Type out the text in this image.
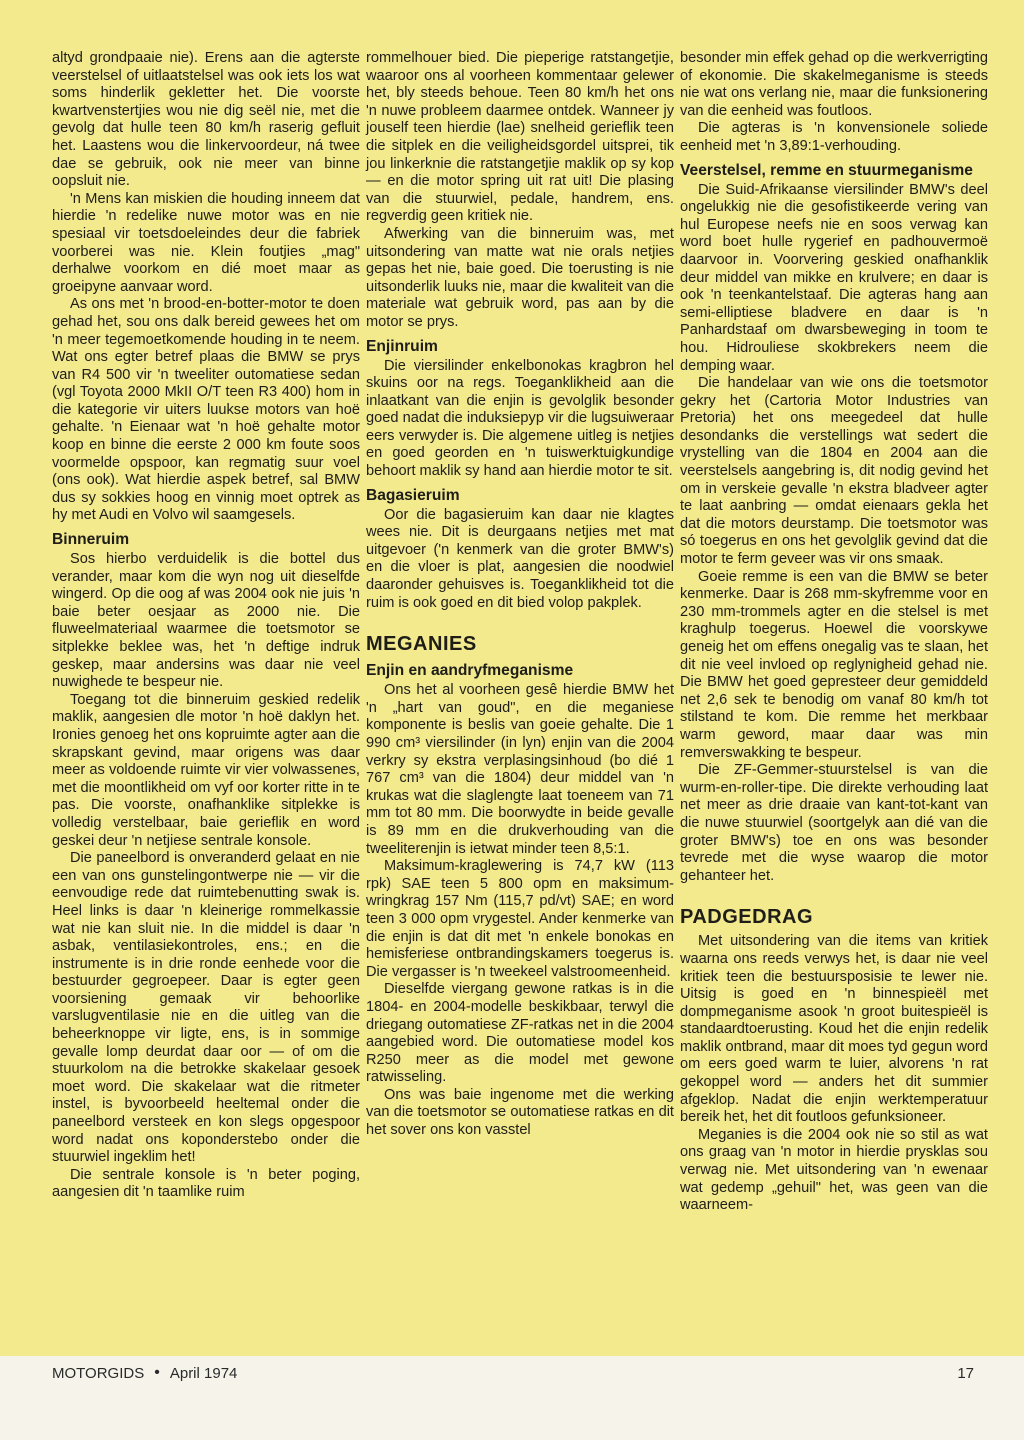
altyd grondpaaie nie). Erens aan die agterste veerstelsel of uitlaatstelsel was ook iets los wat soms hinderlik gekletter het. Die voorste kwartvenstertjies wou nie dig seël nie, met die gevolg dat hulle teen 80 km/h raserig gefluit het. Laastens wou die linkervoordeur, ná twee dae se gebruik, ook nie meer van binne oopsluit nie.

'n Mens kan miskien die houding inneem dat hierdie 'n redelike nuwe motor was en nie spesiaal vir toetsdoeleindes deur die fabriek voorberei was nie. Klein foutjies „mag" derhalwe voorkom en dié moet maar as groeipyne aanvaar word.

As ons met 'n brood-en-botter-motor te doen gehad het, sou ons dalk bereid gewees het om 'n meer tegemoetkomende houding in te neem. Wat ons egter betref plaas die BMW se prys van R4 500 vir 'n tweeliter outomatiese sedan (vgl Toyota 2000 MkII O/T teen R3 400) hom in die kategorie vir uiters luukse motors van hoë gehalte. 'n Eienaar wat 'n hoë gehalte motor koop en binne die eerste 2 000 km foute soos voormelde opspoor, kan regmatig suur voel (ons ook). Wat hierdie aspek betref, sal BMW dus sy sokkies hoog en vinnig moet optrek as hy met Audi en Volvo wil saamgesels.

Binneruim

Sos hierbo verduidelik is die bottel dus verander, maar kom die wyn nog uit dieselfde wingerd. Op die oog af was 2004 ook nie juis 'n baie beter oesjaar as 2000 nie. Die fluweelmateriaal waarmee die toetsmotor se sitplekke beklee was, het 'n deftige indruk geskep, maar andersins was daar nie veel nuwighede te bespeur nie.

Toegang tot die binneruim geskied redelik maklik, aangesien dle motor 'n hoë daklyn het. Ironies genoeg het ons kopruimte agter aan die skrapskant gevind, maar origens was daar meer as voldoende ruimte vir vier volwassenes, met die moontlikheid om vyf oor korter ritte in te pas. Die voorste, onafhanklike sitplekke is volledig verstelbaar, baie gerieflik en word geskei deur 'n netjiese sentrale konsole.

Die paneelbord is onveranderd gelaat en nie een van ons gunstelingontwerpe nie — vir die eenvoudige rede dat ruimtebenutting swak is. Heel links is daar 'n kleinerige rommelkassie wat nie kan sluit nie. In die middel is daar 'n asbak, ventilasiekontroles, ens.; en die instrumente is in drie ronde eenhede voor die bestuurder gegroepeer. Daar is egter geen voorsiening gemaak vir behoorlike varslugventilasie nie en die uitleg van die beheerknoppe vir ligte, ens, is in sommige gevalle lomp deurdat daar oor — of om die stuurkolom na die betrokke skakelaar gesoek moet word. Die skakelaar wat die ritmeter instel, is byvoorbeeld heeltemal onder die paneelbord versteek en kon slegs opgespoor word nadat ons koponderstebo onder die stuurwiel ingeklim het!

Die sentrale konsole is 'n beter poging, aangesien dit 'n taamlike ruim

rommelhouer bied. Die pieperige ratstangetjie, waaroor ons al voorheen kommentaar gelewer het, bly steeds behoue. Teen 80 km/h het ons 'n nuwe probleem daarmee ontdek. Wanneer jy jouself teen hierdie (lae) snelheid gerieflik teen die sitplek en die veiligheidsgordel uitsprei, tik jou linkerknie die ratstangetjie maklik op sy kop — en die motor spring uit rat uit! Die plasing van die stuurwiel, pedale, handrem, ens. regverdig geen kritiek nie.

Afwerking van die binneruim was, met uitsondering van matte wat nie orals netjies gepas het nie, baie goed. Die toerusting is nie uitsonderlik luuks nie, maar die kwaliteit van die materiale wat gebruik word, pas aan by die motor se prys.

Enjinruim

Die viersilinder enkelbonokas kragbron hel skuins oor na regs. Toeganklikheid aan die inlaatkant van die enjin is gevolglik besonder goed nadat die induksiepyp vir die lugsuiweraar eers verwyder is. Die algemene uitleg is netjies en goed georden en 'n tuiswerktuigkundige behoort maklik sy hand aan hierdie motor te sit.

Bagasieruim

Oor die bagasieruim kan daar nie klagtes wees nie. Dit is deurgaans netjies met mat uitgevoer ('n kenmerk van die groter BMW's) en die vloer is plat, aangesien die noodwiel daaronder gehuisves is. Toeganklikheid tot die ruim is ook goed en dit bied volop pakplek.

MEGANIES
Enjin en aandryfmeganisme

Ons het al voorheen gesê hierdie BMW het 'n „hart van goud", en die meganiese komponente is beslis van goeie gehalte. Die 1 990 cm³ viersilinder (in lyn) enjin van die 2004 verkry sy ekstra verplasingsinhoud (bo dié 1 767 cm³ van die 1804) deur middel van 'n krukas wat die slaglengte laat toeneem van 71 mm tot 80 mm. Die boorwydte in beide gevalle is 89 mm en die drukverhouding van die tweeliterenjin is ietwat minder teen 8,5:1.

Maksimum-kraglewering is 74,7 kW (113 rpk) SAE teen 5 800 opm en maksimum-wringkrag 157 Nm (115,7 pd/vt) SAE; en word teen 3 000 opm vrygestel. Ander kenmerke van die enjin is dat dit met 'n enkele bonokas en hemisferiese ontbrandingskamers toegerus is. Die vergasser is 'n tweekeel valstroomeenheid.

Dieselfde viergang gewone ratkas is in die 1804- en 2004-modelle beskikbaar, terwyl die driegang outomatiese ZF-ratkas net in die 2004 aangebied word. Die outomatiese model kos R250 meer as die model met gewone ratwisseling.

Ons was baie ingenome met die werking van die toetsmotor se outomatiese ratkas en dit het sover ons kon vasstel

besonder min effek gehad op die werkverrigting of ekonomie. Die skakelmeganisme is steeds nie wat ons verlang nie, maar die funksionering van die eenheid was foutloos.

Die agteras is 'n konvensionele soliede eenheid met 'n 3,89:1-verhouding.

Veerstelsel, remme en stuurmeganisme

Die Suid-Afrikaanse viersilinder BMW's deel ongelukkig nie die gesofistikeerde vering van hul Europese neefs nie en soos verwag kan word boet hulle rygerief en padhouvermoë daarvoor in. Voorvering geskied onafhanklik deur middel van mikke en krulvere; en daar is ook 'n teenkantelstaaf. Die agteras hang aan semi-elliptiese bladvere en daar is 'n Panhardstaaf om dwarsbeweging in toom te hou. Hidrouliese skokbrekers neem die demping waar.

Die handelaar van wie ons die toetsmotor gekry het (Cartoria Motor Industries van Pretoria) het ons meegedeel dat hulle desondanks die verstellings wat sedert die vrystelling van die 1804 en 2004 aan die veerstelsels aangebring is, dit nodig gevind het om in verskeie gevalle 'n ekstra bladveer agter te laat aanbring — omdat eienaars gekla het dat die motors deurstamp. Die toetsmotor was só toegerus en ons het gevolglik gevind dat die motor te ferm geveer was vir ons smaak.

Goeie remme is een van die BMW se beter kenmerke. Daar is 268 mm-skyfremme voor en 230 mm-trommels agter en die stelsel is met kraghulp toegerus. Hoewel die voorskywe geneig het om effens onegalig vas te slaan, het dit nie veel invloed op reglynigheid gehad nie. Die BMW het goed gepresteer deur gemiddeld net 2,6 sek te benodig om vanaf 80 km/h tot stilstand te kom. Die remme het merkbaar warm geword, maar daar was min remverswakking te bespeur.

Die ZF-Gemmer-stuurstelsel is van die wurm-en-roller-tipe. Die direkte verhouding laat net meer as drie draaie van kant-tot-kant van die nuwe stuurwiel (soortgelyk aan dié van die groter BMW's) toe en ons was besonder tevrede met die wyse waarop die motor gehanteer het.

PADGEDRAG

Met uitsondering van die items van kritiek waarna ons reeds verwys het, is daar nie veel kritiek teen die bestuursposisie te lewer nie. Uitsig is goed en 'n binnespieël met dompmeganisme asook 'n groot buitespieël is standaardtoerusting. Koud het die enjin redelik maklik ontbrand, maar dit moes tyd gegun word om eers goed warm te luier, alvorens 'n rat gekoppel word — anders het dit summier afgeklop. Nadat die enjin werktemperatuur bereik het, het dit foutloos gefunksioneer.

Meganies is die 2004 ook nie so stil as wat ons graag van 'n motor in hierdie prysklas sou verwag nie. Met uitsondering van 'n ewenaar wat gedemp „gehuil" het, was geen van die waarneem-

MOTORGIDS • April 1974	17
